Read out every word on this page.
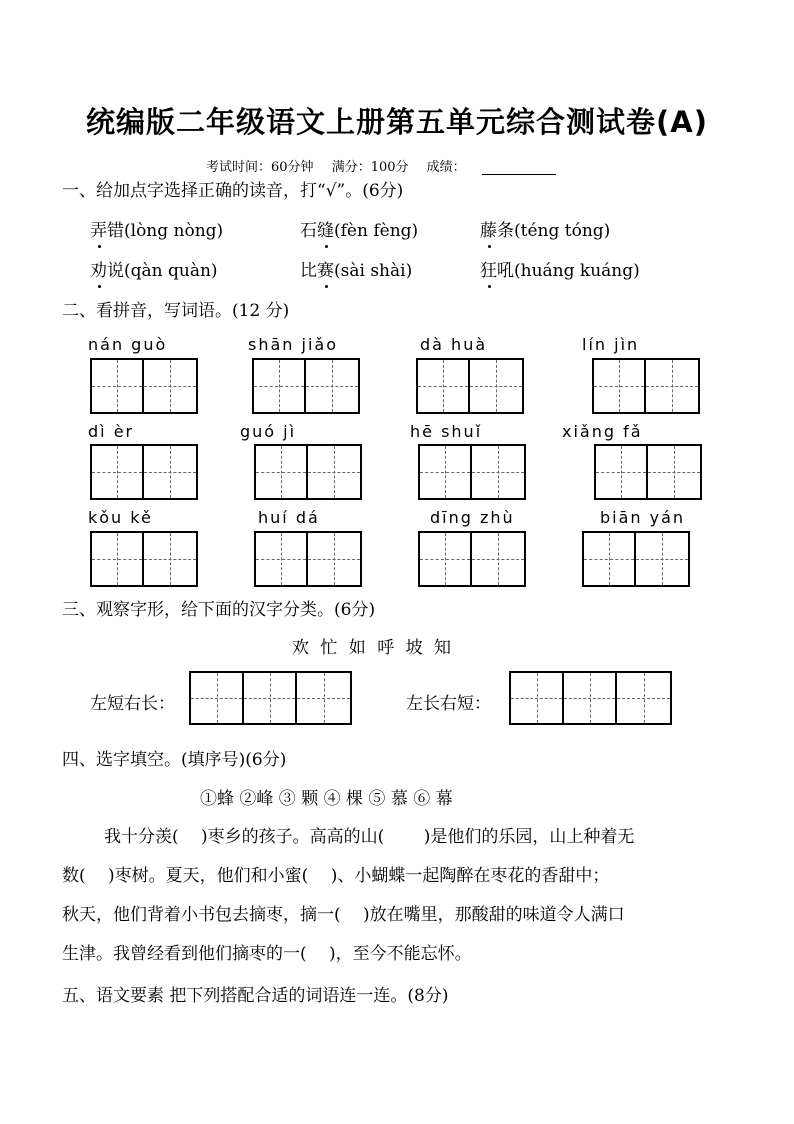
统编版二年级语文上册第五单元综合测试卷(A)
考试时间：60分钟 满分：100分 成绩：
一、给加点字选择正确的读音，打“√”。(6分)
弄错(lòng nòng)	石缝(fèn fèng)	藤条(téng tóng)
劝说(qàn quàn)	比赛(sài shài)	狂吼(huáng kuáng)
二、看拼音，写词语。(12 分)
nán guò	shān jiǎo	dà huà	lín jìn
dì èr	guó jì	hē shuǐ	xiǎng fǎ
kǒu kě	huí dá	dīng zhù	biān yán
三、观察字形，给下面的汉字分类。(6分)
欢 忙 如 呼 坡 知
左短右长：	左长右短：
四、选字填空。(填序号)(6分)
①蜂 ②峰 ③ 颗 ④ 棵 ⑤ 慕 ⑥ 幕
我十分羡(　 )枣乡的孩子。高高的山(　　 )是他们的乐园，山上种着无
数(　 )枣树。夏天，他们和小蜜(　 )、小蝴蝶一起陶醉在枣花的香甜中；
秋天，他们背着小书包去摘枣，摘一(　 )放在嘴里，那酸甜的味道令人满口
生津。我曾经看到他们摘枣的一(　 )，至今不能忘怀。
五、语文要素 把下列搭配合适的词语连一连。(8分)
